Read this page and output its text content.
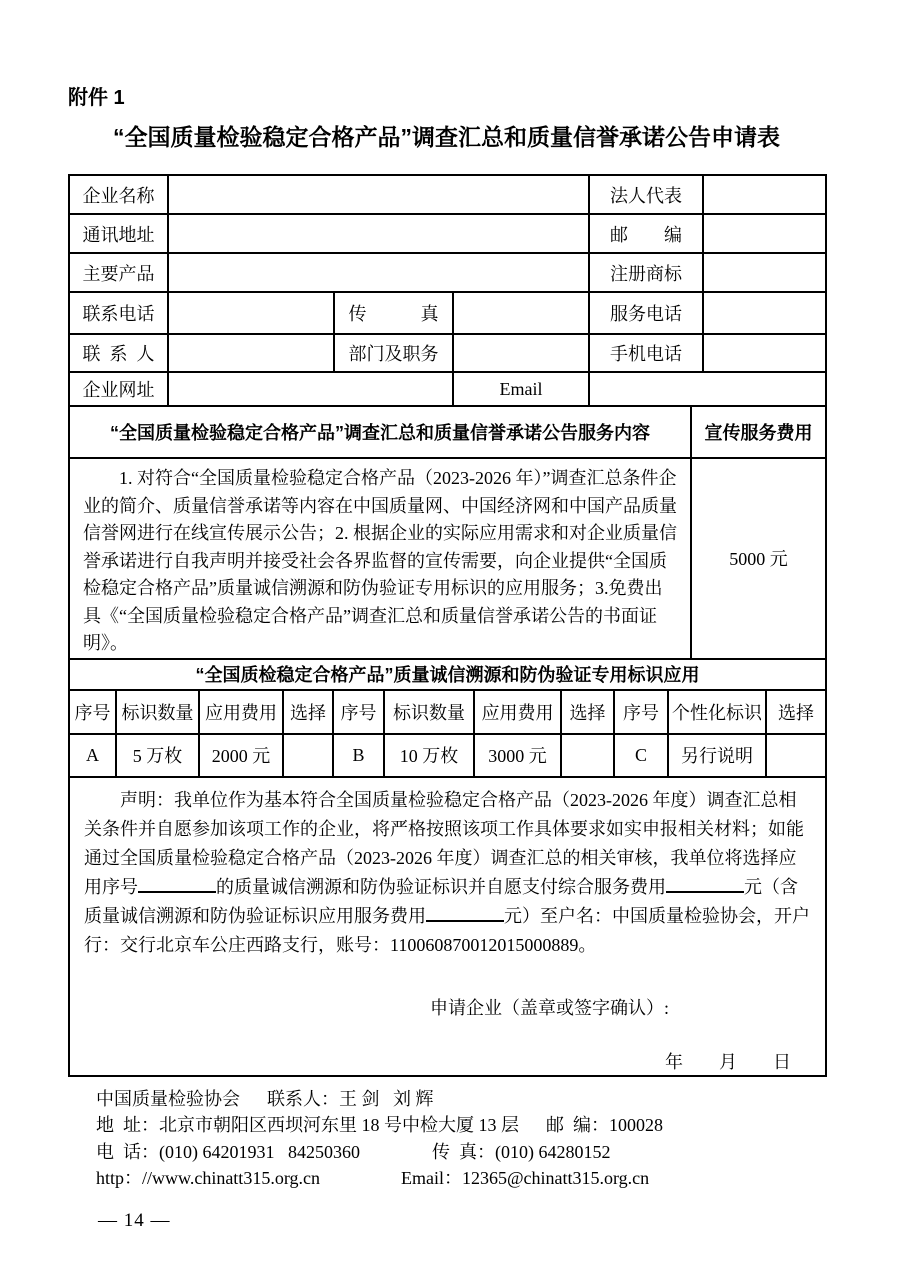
附件 1
“全国质量检验稳定合格产品”调查汇总和质量信誉承诺公告申请表
企业名称				法人代表	
通讯地址				邮　　编	
主要产品				注册商标	
联系电话		传　　　真		服务电话	
联  系  人		部门及职务		手机电话	
企业网址			Email		
“全国质量检验稳定合格产品”调查汇总和质量信誉承诺公告服务内容	宣传服务费用

1. 对符合“全国质量检验稳定合格产品（2023-2026 年）”调查汇总条件企业的简介、质量信誉承诺等内容在中国质量网、中国经济网和中国产品质量信誉网进行在线宣传展示公告；2. 根据企业的实际应用需求和对企业质量信誉承诺进行自我声明并接受社会各界监督的宣传需要，向企业提供“全国质检稳定合格产品”质量诚信溯源和防伪验证专用标识的应用服务；3.免费出具《“全国质量检验稳定合格产品”调查汇总和质量信誉承诺公告的书面证明》。	5000 元
“全国质检稳定合格产品”质量诚信溯源和防伪验证专用标识应用										
序号	标识数量	应用费用	选择	序号	标识数量	应用费用	选择	序号	个性化标识	选择
A	5 万枚	2000 元		B	10 万枚	3000 元		C	另行说明	

声明：我单位作为基本符合全国质量检验稳定合格产品（2023-2026 年度）调查汇总相关条件并自愿参加该项工作的企业，将严格按照该项工作具体要求如实申报相关材料；如能通过全国质量检验稳定合格产品（2023-2026 年度）调查汇总的相关审核，我单位将选择应用序号	的质量诚信溯源和防伪验证标识并自愿支付综合服务费用	元（含质量诚信溯源和防伪验证标识应用服务费用	元）至户名：中国质量检验协会，开户行：交行北京车公庄西路支行，账号：110060870012015000889。

申请企业（盖章或签字确认）:
年　　月　　日
中国质量检验协会      联系人：王 剑   刘 辉
地  址：北京市朝阳区西坝河东里 18 号中检大厦 13 层      邮  编：100028
电  话：(010) 64201931   84250360                传  真：(010) 64280152
http：//www.chinatt315.org.cn                  Email：12365@chinatt315.org.cn
— 14 —
